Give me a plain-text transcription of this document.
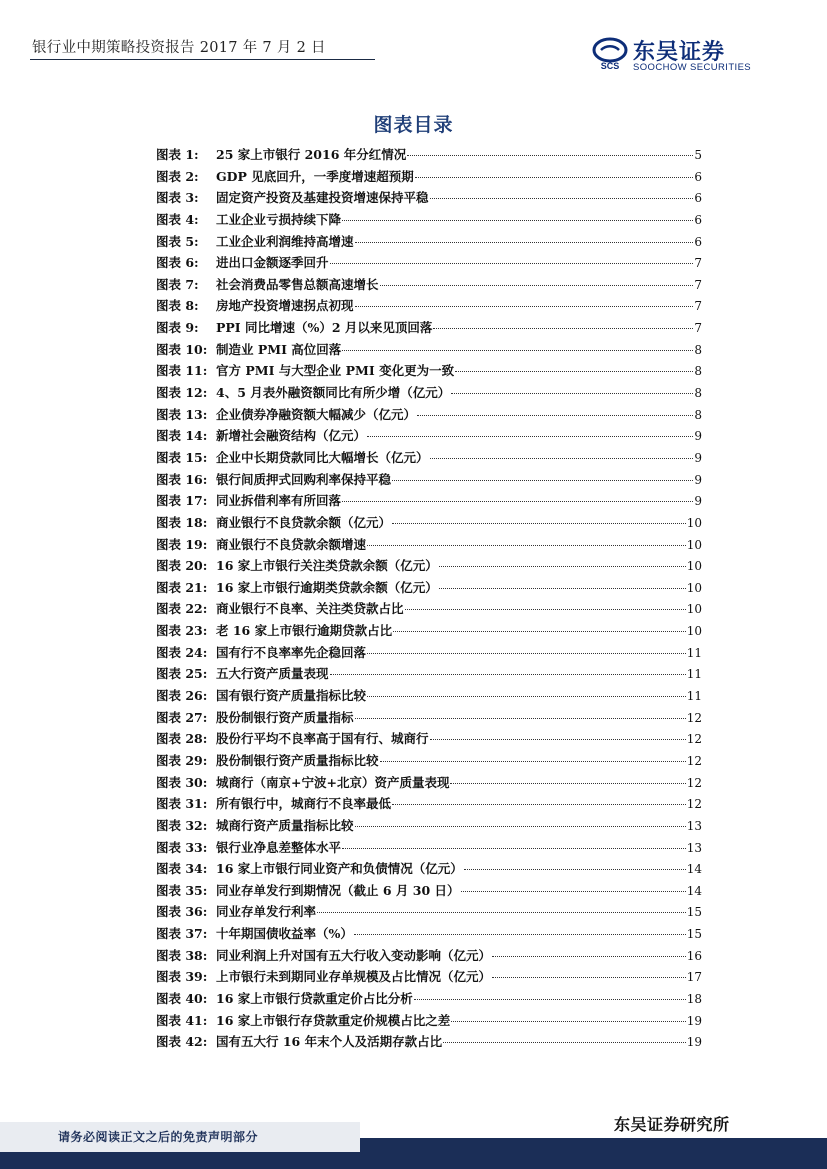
银行业中期策略投资报告 2017 年 7 月 2 日
SCS
东吴证券
SOOCHOW SECURITIES
图表目录
图表 1:	25 家上市银行 2016 年分红情况	5
图表 2:	GDP 见底回升，一季度增速超预期	6
图表 3:	固定资产投资及基建投资增速保持平稳	6
图表 4:	工业企业亏损持续下降	6
图表 5:	工业企业利润维持高增速	6
图表 6:	进出口金额逐季回升	7
图表 7:	社会消费品零售总额高速增长	7
图表 8:	房地产投资增速拐点初现	7
图表 9:	PPI 同比增速（%）2 月以来见顶回落	7
图表 10: 制造业 PMI 高位回落	8
图表 11: 官方 PMI 与大型企业 PMI 变化更为一致	8
图表 12: 4、5 月表外融资额同比有所少增（亿元）	8
图表 13: 企业债券净融资额大幅减少（亿元）	8
图表 14: 新增社会融资结构（亿元）	9
图表 15: 企业中长期贷款同比大幅增长（亿元）	9
图表 16: 银行间质押式回购利率保持平稳	9
图表 17: 同业拆借利率有所回落	9
图表 18: 商业银行不良贷款余额（亿元）	10
图表 19: 商业银行不良贷款余额增速	10
图表 20: 16 家上市银行关注类贷款余额（亿元）	10
图表 21: 16 家上市银行逾期类贷款余额（亿元）	10
图表 22: 商业银行不良率、关注类贷款占比	10
图表 23: 老 16 家上市银行逾期贷款占比	10
图表 24: 国有行不良率率先企稳回落	11
图表 25: 五大行资产质量表现	11
图表 26: 国有银行资产质量指标比较	11
图表 27: 股份制银行资产质量指标	12
图表 28: 股份行平均不良率高于国有行、城商行	12
图表 29: 股份制银行资产质量指标比较	12
图表 30: 城商行（南京+宁波+北京）资产质量表现	12
图表 31: 所有银行中，城商行不良率最低	12
图表 32: 城商行资产质量指标比较	13
图表 33: 银行业净息差整体水平	13
图表 34: 16 家上市银行同业资产和负债情况（亿元）	14
图表 35: 同业存单发行到期情况（截止 6 月 30 日）	14
图表 36: 同业存单发行利率	15
图表 37: 十年期国债收益率（%）	15
图表 38: 同业利润上升对国有五大行收入变动影响（亿元）	16
图表 39: 上市银行未到期同业存单规模及占比情况（亿元）	17
图表 40: 16 家上市银行贷款重定价占比分析	18
图表 41: 16 家上市银行存贷款重定价规模占比之差	19
图表 42: 国有五大行 16 年末个人及活期存款占比	19
东吴证券研究所
请务必阅读正文之后的免责声明部分
